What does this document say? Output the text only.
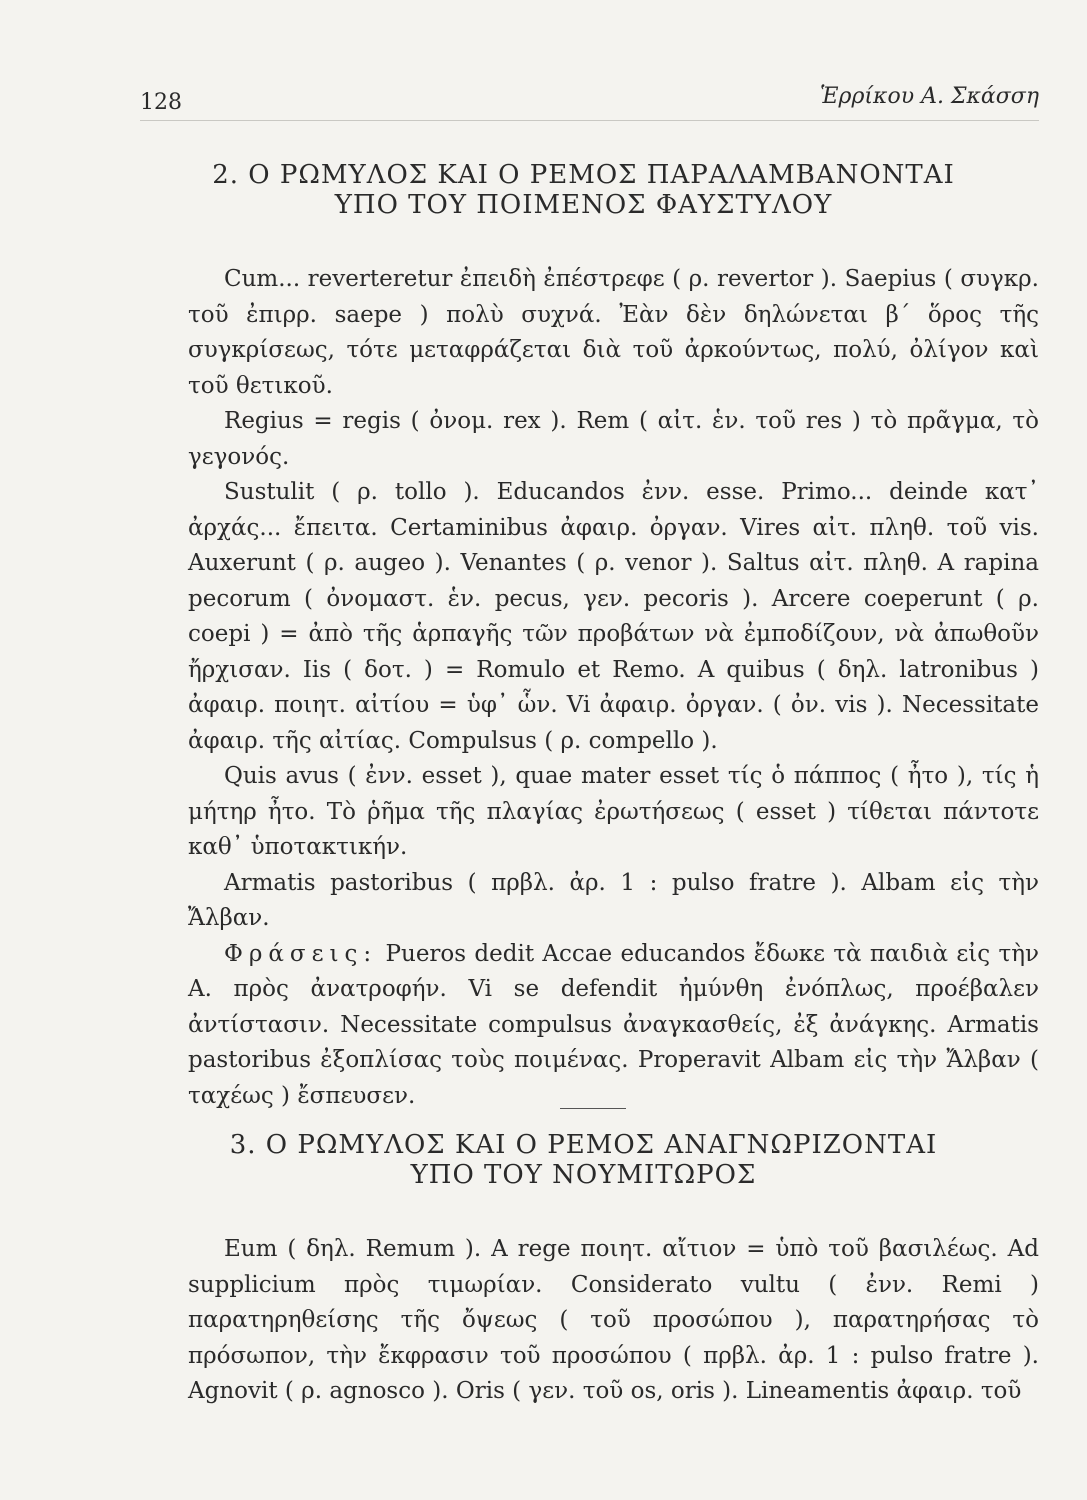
128	Ἑρρίκου Α. Σκάσση
2. Ο ΡΩΜΥΛΟΣ ΚΑΙ Ο ΡΕΜΟΣ ΠΑΡΑΛΑΜΒΑΝΟΝΤΑΙ
ΥΠΟ ΤΟΥ ΠΟΙΜΕΝΟΣ ΦΑΥΣΤΥΛΟΥ

Cum... reverteretur ἐπειδὴ ἐπέστρεφε ( ρ. revertor ). Saepius ( συγκρ. τοῦ ἐπιρρ. saepe ) πολὺ συχνά. Ἐὰν δὲν δηλώνεται β΄ ὅρος τῆς συγκρίσεως, τότε μεταφράζεται διὰ τοῦ ἀρκούντως, πολύ, ὀλίγον καὶ τοῦ θετικοῦ.

Regius = regis ( ὀνομ. rex ). Rem ( αἰτ. ἑν. τοῦ res ) τὸ πρᾶγμα, τὸ γεγονός.

Sustulit ( ρ. tollo ). Educandos ἐνν. esse. Primo... deinde κατ᾽ ἀρχάς... ἔπειτα. Certaminibus ἀφαιρ. ὀργαν. Vires αἰτ. πληθ. τοῦ vis. Auxerunt ( ρ. augeo ). Venantes ( ρ. venor ). Saltus αἰτ. πληθ. A rapina pecorum ( ὀνομαστ. ἑν. pecus, γεν. pecoris ). Arcere coeperunt ( ρ. coepi ) = ἀπὸ τῆς ἁρπαγῆς τῶν προβάτων νὰ ἐμποδίζουν, νὰ ἀπωθοῦν ἤρχισαν. Iis ( δοτ. ) = Romulo et Remo. A quibus ( δηλ. latronibus ) ἀφαιρ. ποιητ. αἰτίου = ὑφ᾽ ὧν. Vi ἀφαιρ. ὀργαν. ( ὀν. vis ). Necessitate ἀφαιρ. τῆς αἰτίας. Compulsus ( ρ. compello ).

Quis avus ( ἐνν. esset ), quae mater esset τίς ὁ πάππος ( ἦτο ), τίς ἡ μήτηρ ἦτο. Τὸ ῥῆμα τῆς πλαγίας ἐρωτήσεως ( esset ) τίθεται πάντοτε καθ᾽ ὑποτακτικήν.

Armatis pastoribus ( πρβλ. ἀρ. 1 : pulso fratre ). Albam εἰς τὴν Ἄλβαν.

Φράσεις: Pueros dedit Accae educandos ἔδωκε τὰ παιδιὰ εἰς τὴν Α. πρὸς ἀνατροφήν. Vi se defendit ἠμύνθη ἐνόπλως, προέβαλεν ἀντίστασιν. Necessitate compulsus ἀναγκασθείς, ἐξ ἀνάγκης. Armatis pastoribus ἐξοπλίσας τοὺς ποιμένας. Properavit Albam εἰς τὴν Ἄλβαν ( ταχέως ) ἔσπευσεν.

3. Ο ΡΩΜΥΛΟΣ ΚΑΙ Ο ΡΕΜΟΣ ΑΝΑΓΝΩΡΙΖΟΝΤΑΙ
ΥΠΟ ΤΟΥ ΝΟΥΜΙΤΩΡΟΣ

Eum ( δηλ. Remum ). A rege ποιητ. αἴτιον = ὑπὸ τοῦ βασιλέως. Ad supplicium πρὸς τιμωρίαν. Considerato vultu ( ἐνν. Remi ) παρατηρηθείσης τῆς ὄψεως ( τοῦ προσώπου ), παρατηρήσας τὸ πρόσωπον, τὴν ἔκφρασιν τοῦ προσώπου ( πρβλ. ἀρ. 1 : pulso fratre ). Agnovit ( ρ. agnosco ). Oris ( γεν. τοῦ os, oris ). Lineamentis ἀφαιρ. τοῦ
